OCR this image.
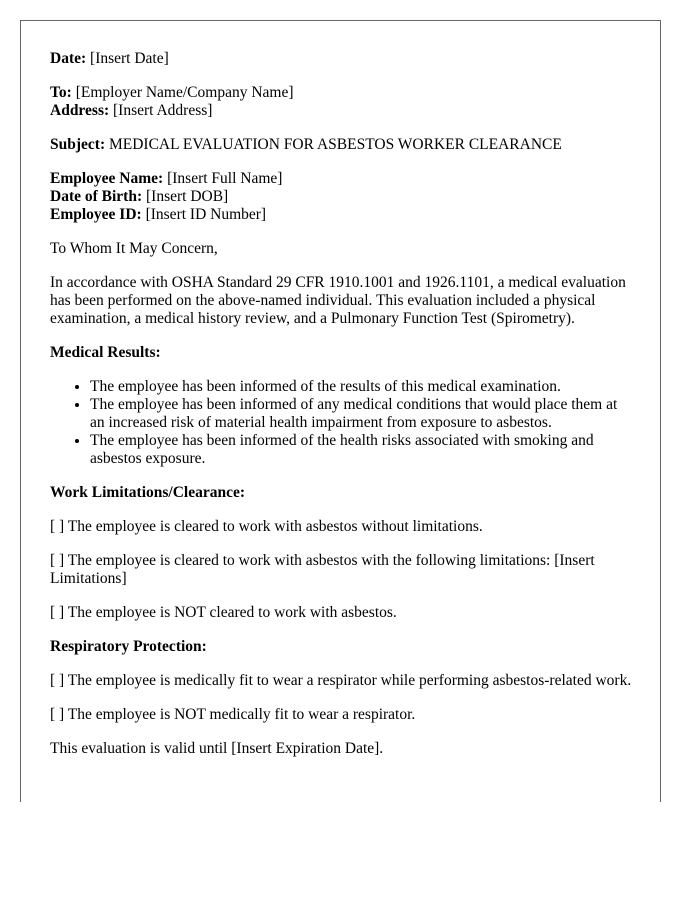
Date: [Insert Date]

To: [Employer Name/Company Name]

Address: [Insert Address]

Subject: MEDICAL EVALUATION FOR ASBESTOS WORKER CLEARANCE

Employee Name: [Insert Full Name]

Date of Birth: [Insert DOB]

Employee ID: [Insert ID Number]

To Whom It May Concern,

In accordance with OSHA Standard 29 CFR 1910.1001 and 1926.1101, a medical evaluation has been performed on the above-named individual. This evaluation included a physical examination, a medical history review, and a Pulmonary Function Test (Spirometry).

Medical Results:

• The employee has been informed of the results of this medical examination.
• The employee has been informed of any medical conditions that would place them at an increased risk of material health impairment from exposure to asbestos.
• The employee has been informed of the health risks associated with smoking and asbestos exposure.

Work Limitations/Clearance:

[ ] The employee is cleared to work with asbestos without limitations.

[ ] The employee is cleared to work with asbestos with the following limitations: [Insert Limitations]

[ ] The employee is NOT cleared to work with asbestos.

Respiratory Protection:

[ ] The employee is medically fit to wear a respirator while performing asbestos-related work.

[ ] The employee is NOT medically fit to wear a respirator.

This evaluation is valid until [Insert Expiration Date].
